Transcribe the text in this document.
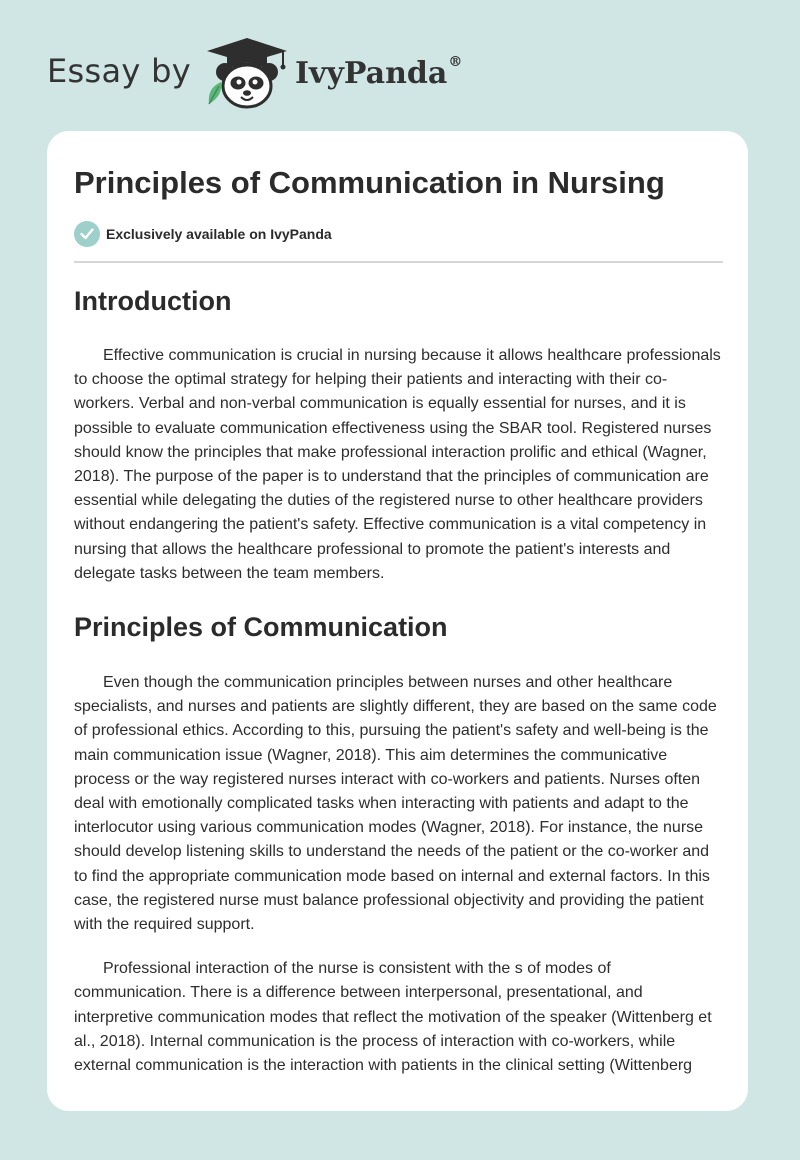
Essay by	IvyPanda®
Principles of Communication in Nursing
Exclusively available on IvyPanda
Introduction

Effective communication is crucial in nursing because it allows healthcare professionals to choose the optimal strategy for helping their patients and interacting with their co-workers. Verbal and non-verbal communication is equally essential for nurses, and it is possible to evaluate communication effectiveness using the SBAR tool. Registered nurses should know the principles that make professional interaction prolific and ethical (Wagner, 2018). The purpose of the paper is to understand that the principles of communication are essential while delegating the duties of the registered nurse to other healthcare providers without endangering the patient's safety. Effective communication is a vital competency in nursing that allows the healthcare professional to promote the patient's interests and delegate tasks between the team members.

Principles of Communication

Even though the communication principles between nurses and other healthcare specialists, and nurses and patients are slightly different, they are based on the same code of professional ethics. According to this, pursuing the patient's safety and well-being is the main communication issue (Wagner, 2018). This aim determines the communicative process or the way registered nurses interact with co-workers and patients. Nurses often deal with emotionally complicated tasks when interacting with patients and adapt to the interlocutor using various communication modes (Wagner, 2018). For instance, the nurse should develop listening skills to understand the needs of the patient or the co-worker and to find the appropriate communication mode based on internal and external factors. In this case, the registered nurse must balance professional objectivity and providing the patient with the required support.

Professional interaction of the nurse is consistent with the s of modes of communication. There is a difference between interpersonal, presentational, and interpretive communication modes that reflect the motivation of the speaker (Wittenberg et al., 2018). Internal communication is the process of interaction with co-workers, while external communication is the interaction with patients in the clinical setting (Wittenberg
